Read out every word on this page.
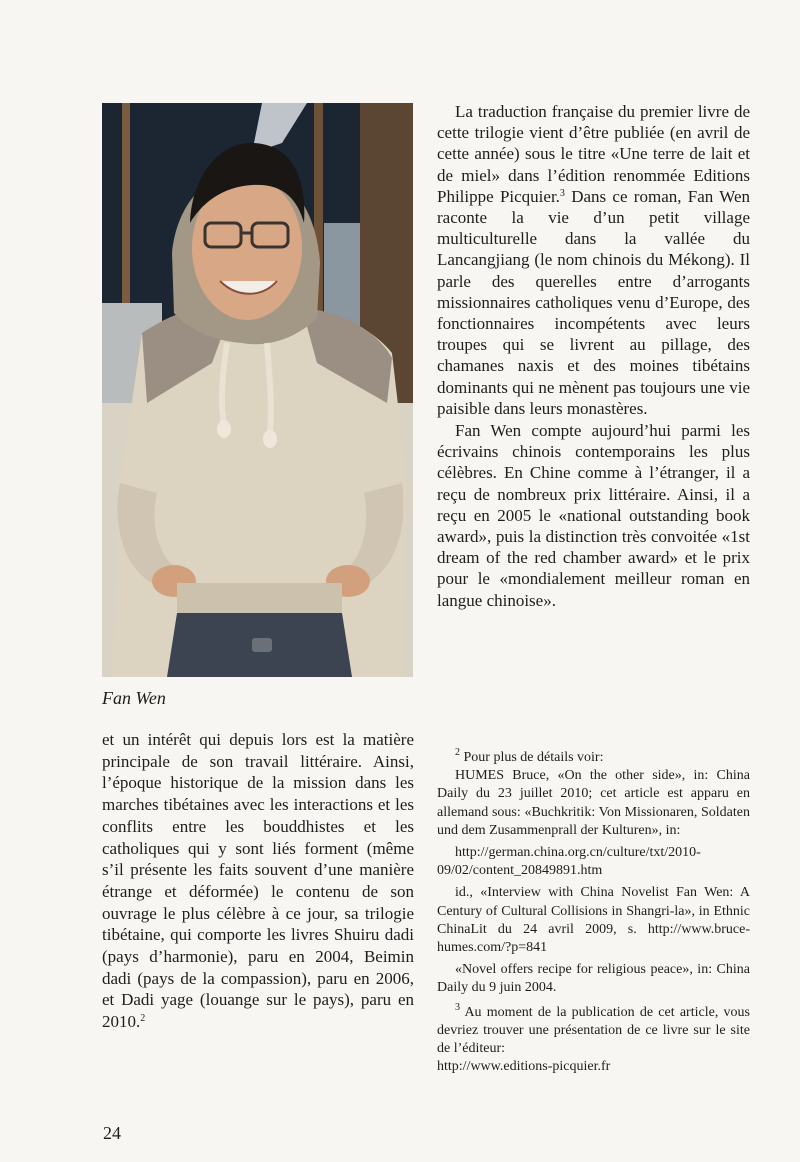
Fan Wen

La traduction française du premier livre de cette trilogie vient d’être publiée (en avril de cette année) sous le titre «Une terre de lait et de miel» dans l’édition renommée Editions Philippe Picquier.$^3$ Dans ce roman, Fan Wen raconte la vie d’un petit village multiculturelle dans la vallée du Lancangjiang (le nom chinois du Mékong). Il parle des querelles entre d’arrogants missionnaires catholiques venu d’Europe, des fonctionnaires incompétents avec leurs troupes qui se livrent au pillage, des chamanes naxis et des moines tibétains dominants qui ne mènent pas toujours une vie paisible dans leurs monastères.

Fan Wen compte aujourd’hui parmi les écrivains chinois contemporains les plus célèbres. En Chine comme à l’étranger, il a reçu de nombreux prix littéraire. Ainsi, il a reçu en 2005 le «national outstanding book award», puis la distinction très convoitée «1st dream of the red chamber award» et le prix pour le «mondialement meilleur roman en langue chinoise».

et un intérêt qui depuis lors est la matière principale de son travail littéraire. Ainsi, l’époque historique de la mission dans les marches tibétaines avec les interactions et les conflits entre les bouddhistes et les catholiques qui y sont liés forment (même s’il présente les faits souvent d’une manière étrange et déformée) le contenu de son ouvrage le plus célèbre à ce jour, sa trilogie tibétaine, qui comporte les livres Shuiru dadi (pays d’harmonie), paru en 2004, Beimin dadi (pays de la compassion), paru en 2006, et Dadi yage (louange sur le pays), paru en 2010.$^2$

$^2$ Pour plus de détails voir:
HUMES Bruce, «On the other side», in: China Daily du 23 juillet 2010; cet article est apparu en allemand sous: «Buchkritik: Von Missionaren, Soldaten und dem Zusammenprall der Kulturen», in:
http://german.china.org.cn/culture/txt/2010-09/02/content_20849891.htm
id., «Interview with China Novelist Fan Wen: A Century of Cultural Collisions in Shangri-la», in Ethnic ChinaLit du 24 avril 2009, s. http://www.bruce-humes.com/?p=841
«Novel offers recipe for religious peace», in: China Daily du 9 juin 2004.
$^3$ Au moment de la publication de cet article, vous devriez trouver une présentation de ce livre sur le site de l’éditeur:
http://www.editions-picquier.fr
24
